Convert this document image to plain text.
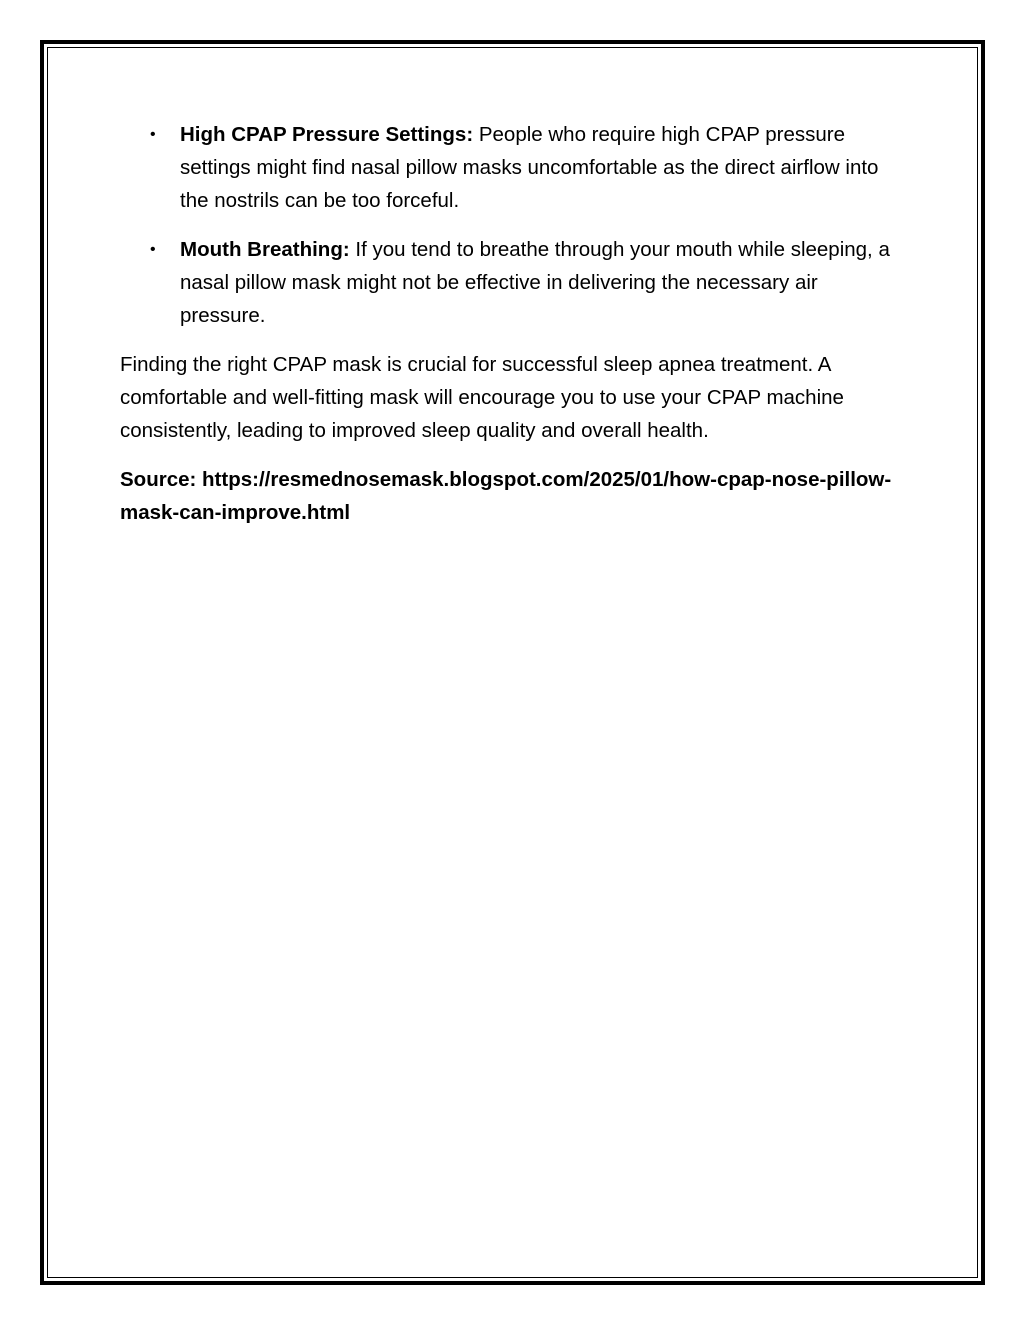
• High CPAP Pressure Settings: People who require high CPAP pressure settings might find nasal pillow masks uncomfortable as the direct airflow into the nostrils can be too forceful.
• Mouth Breathing: If you tend to breathe through your mouth while sleeping, a nasal pillow mask might not be effective in delivering the necessary air pressure.

Finding the right CPAP mask is crucial for successful sleep apnea treatment. A comfortable and well-fitting mask will encourage you to use your CPAP machine consistently, leading to improved sleep quality and overall health.

Source: https://resmednosemask.blogspot.com/2025/01/how-cpap-nose-pillow-mask-can-improve.html
